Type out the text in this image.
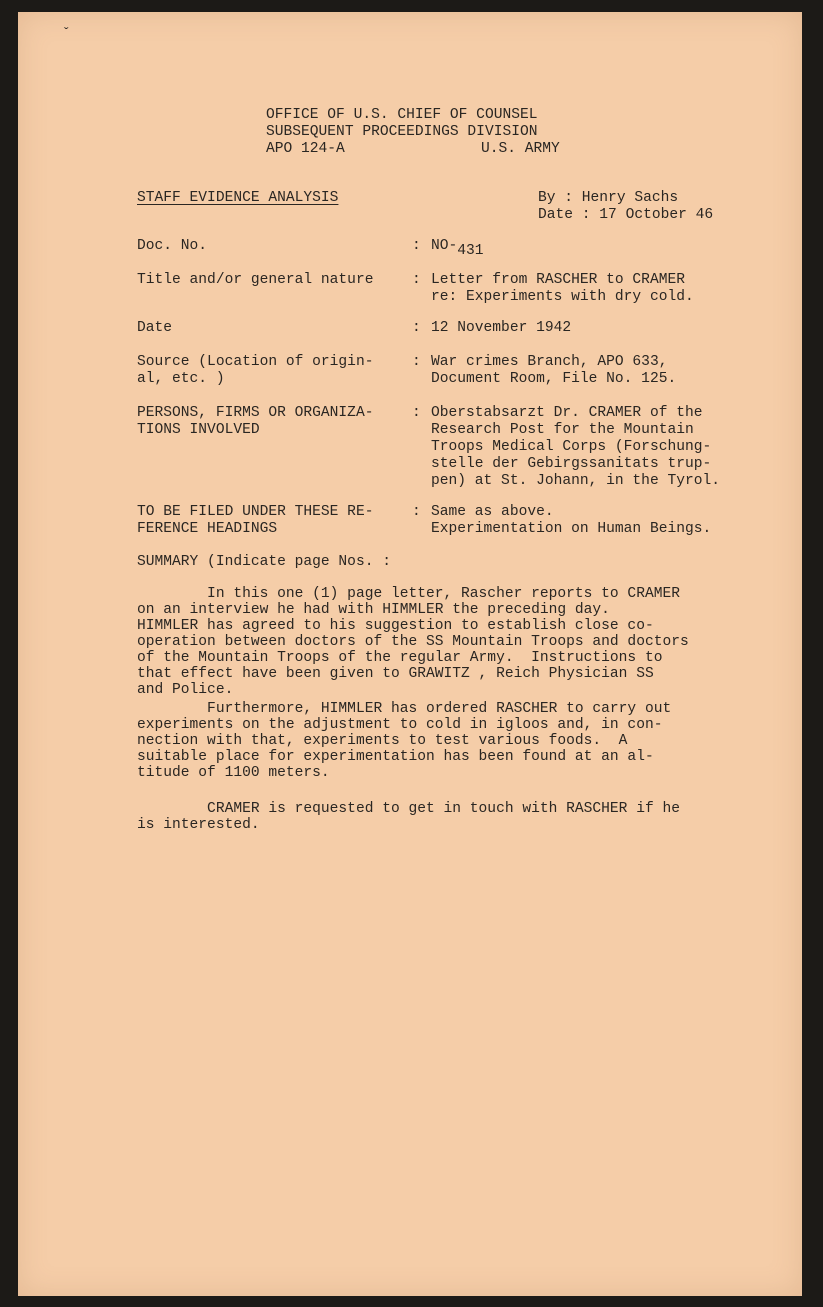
ˇ
OFFICE OF U.S. CHIEF OF COUNSEL
SUBSEQUENT PROCEEDINGS DIVISION
APO 124-A	U.S. ARMY
STAFF EVIDENCE ANALYSIS	By : Henry Sachs
Date : 17 October 46
Doc. No.	: NO-431
Title and/or general nature	: Letter from RASCHER to CRAMER
re: Experiments with dry cold.
Date	: 12 November 1942
Source (Location of origin-
al, etc. )
: War crimes Branch, APO 633,
Document Room, File No. 125.
PERSONS, FIRMS OR ORGANIZA-
TIONS INVOLVED
: Oberstabsarzt Dr. CRAMER of the
Research Post for the Mountain
Troops Medical Corps (Forschung-
stelle der Gebirgssanitats trup-
pen) at St. Johann, in the Tyrol.
TO BE FILED UNDER THESE RE-
FERENCE HEADINGS
: Same as above.
Experimentation on Human Beings.
SUMMARY (Indicate page Nos. :
In this one (1) page letter, Rascher reports to CRAMER
on an interview he had with HIMMLER the preceding day.
HIMMLER has agreed to his suggestion to establish close co-
operation between doctors of the SS Mountain Troops and doctors
of the Mountain Troops of the regular Army.  Instructions to
that effect have been given to GRAWITZ , Reich Physician SS
and Police.
Furthermore, HIMMLER has ordered RASCHER to carry out
experiments on the adjustment to cold in igloos and, in con-
nection with that, experiments to test various foods.  A
suitable place for experimentation has been found at an al-
titude of 1100 meters.
CRAMER is requested to get in touch with RASCHER if he
is interested.
